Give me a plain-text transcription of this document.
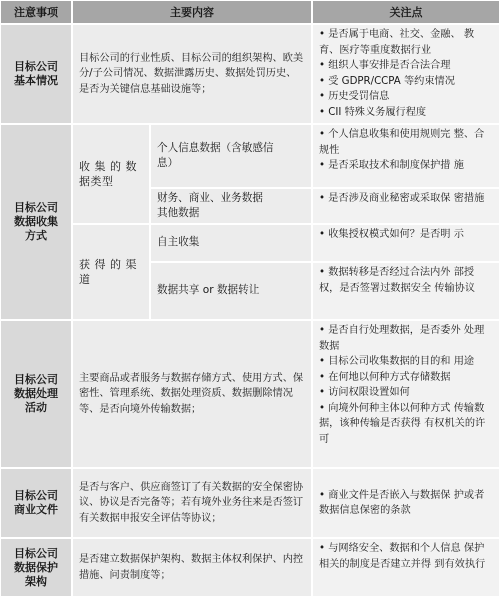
注意事项	主要内容	关注点
目标公司
基本情况
目标公司的行业性质、目标公司的组织架构、欧美分/子公司情况、数据泄露历史、数据处罚历史、是否为关键信息基础设施等；
• 是否属于电商、社交、金融、 教育、医疗等重度数据行业
• 组织人事安排是否合法合理
• 受 GDPR/CCPA 等约束情况
• 历史受罚信息
• CII 特殊义务履行程度
目标公司
数据收集
方式
收 集 的 数
据类型
个人信息数据（含敏感信
息）
• 个人信息收集和使用规则完 整、合规性
• 是否采取技术和制度保护措 施
财务、商业、业务数据
其他数据
• 是否涉及商业秘密或采取保 密措施
获 得 的 渠
道
自主收集
• 收集授权模式如何？是否明 示
数据共享 or 数据转让
• 数据转移是否经过合法内外 部授权，是否签署过数据安全 传输协议
目标公司
数据处理
活动
主要商品或者服务与数据存储方式、使用方式、保密性、管理系统、数据处理资质、数据删除情况等、是否向境外传输数据；
• 是否自行处理数据，是否委外 处理数据
• 目标公司收集数据的目的和 用途
• 在何地以何种方式存储数据
• 访问权限设置如何
• 向境外何种主体以何种方式 传输数据，该种传输是否获得 有权机关的许可
目标公司
商业文件
是否与客户、供应商签订了有关数据的安全保密协议、协议是否完备等；若有境外业务往来是否签订有关数据申报安全评估等协议；
• 商业文件是否嵌入与数据保 护或者数据信息保密的条款
目标公司
数据保护
架构
是否建立数据保护架构、数据主体权利保护、内控措施、问责制度等；
• 与网络安全、数据和个人信息 保护相关的制度是否建立并得 到有效执行
